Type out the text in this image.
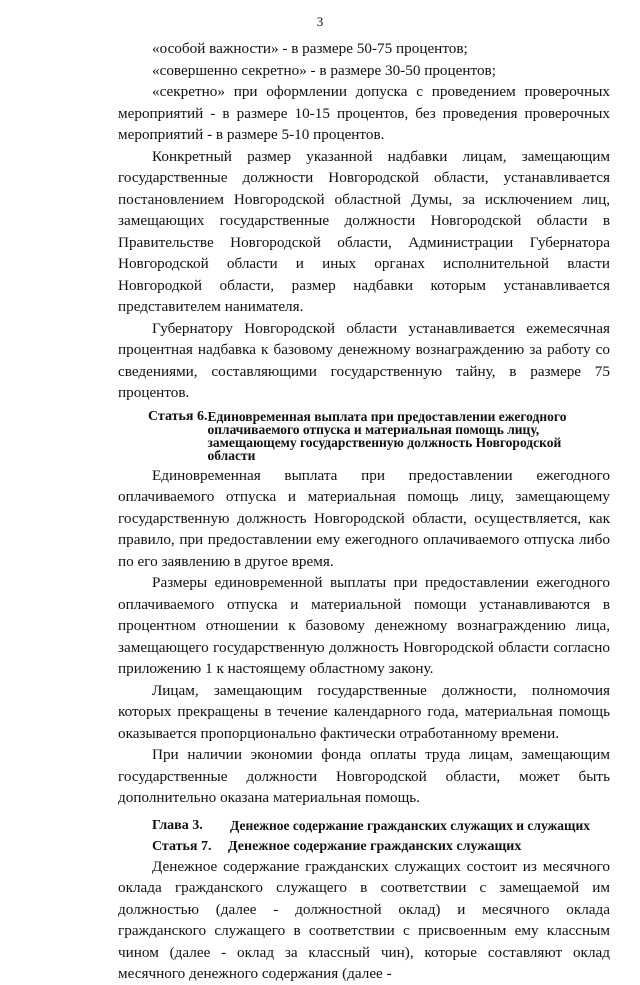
3

«особой важности» - в размере 50-75 процентов;

«совершенно секретно» - в размере 30-50 процентов;

«секретно» при оформлении допуска с проведением проверочных мероприятий - в размере 10-15 процентов, без проведения проверочных мероприятий - в размере 5-10 процентов.

Конкретный размер указанной надбавки лицам, замещающим государственные должности Новгородской области, устанавливается постановлением Новгородской областной Думы, за исключением лиц, замещающих государственные должности Новгородской области в Правительстве Новгородской области, Администрации Губернатора Новгородской области и иных органах исполнительной власти Новгородкой области, размер надбавки которым устанавливается представителем нанимателя.

Губернатору Новгородской области устанавливается ежемесячная процентная надбавка к базовому денежному вознаграждению за работу со сведениями, составляющими государственную тайну, в размере 75 процентов.

Статья 6. Единовременная выплата при предоставлении ежегодного оплачиваемого отпуска и материальная помощь лицу, замещающему государственную должность Новгородской области

Единовременная выплата при предоставлении ежегодного оплачиваемого отпуска и материальная помощь лицу, замещающему государственную должность Новгородской области, осуществляется, как правило, при предоставлении ему ежегодного оплачиваемого отпуска либо по его заявлению в другое время.

Размеры единовременной выплаты при предоставлении ежегодного оплачиваемого отпуска и материальной помощи устанавливаются в процентном отношении к базовому денежному вознаграждению лица, замещающего государственную должность Новгородской области согласно приложению 1 к настоящему областному закону.

Лицам, замещающим государственные должности, полномочия которых прекращены в течение календарного года, материальная помощь оказывается пропорционально фактически отработанному времени.

При наличии экономии фонда оплаты труда лицам, замещающим государственные должности Новгородской области, может быть дополнительно оказана материальная помощь.

Глава 3.	Денежное содержание гражданских служащих и служащих
Статья 7.	Денежное содержание гражданских служащих

Денежное содержание гражданских служащих состоит из месячного оклада гражданского служащего в соответствии с замещаемой им должностью (далее - должностной оклад) и месячного оклада гражданского служащего в соответствии с присвоенным ему классным чином (далее - оклад за классный чин), которые составляют оклад месячного денежного содержания (далее -
